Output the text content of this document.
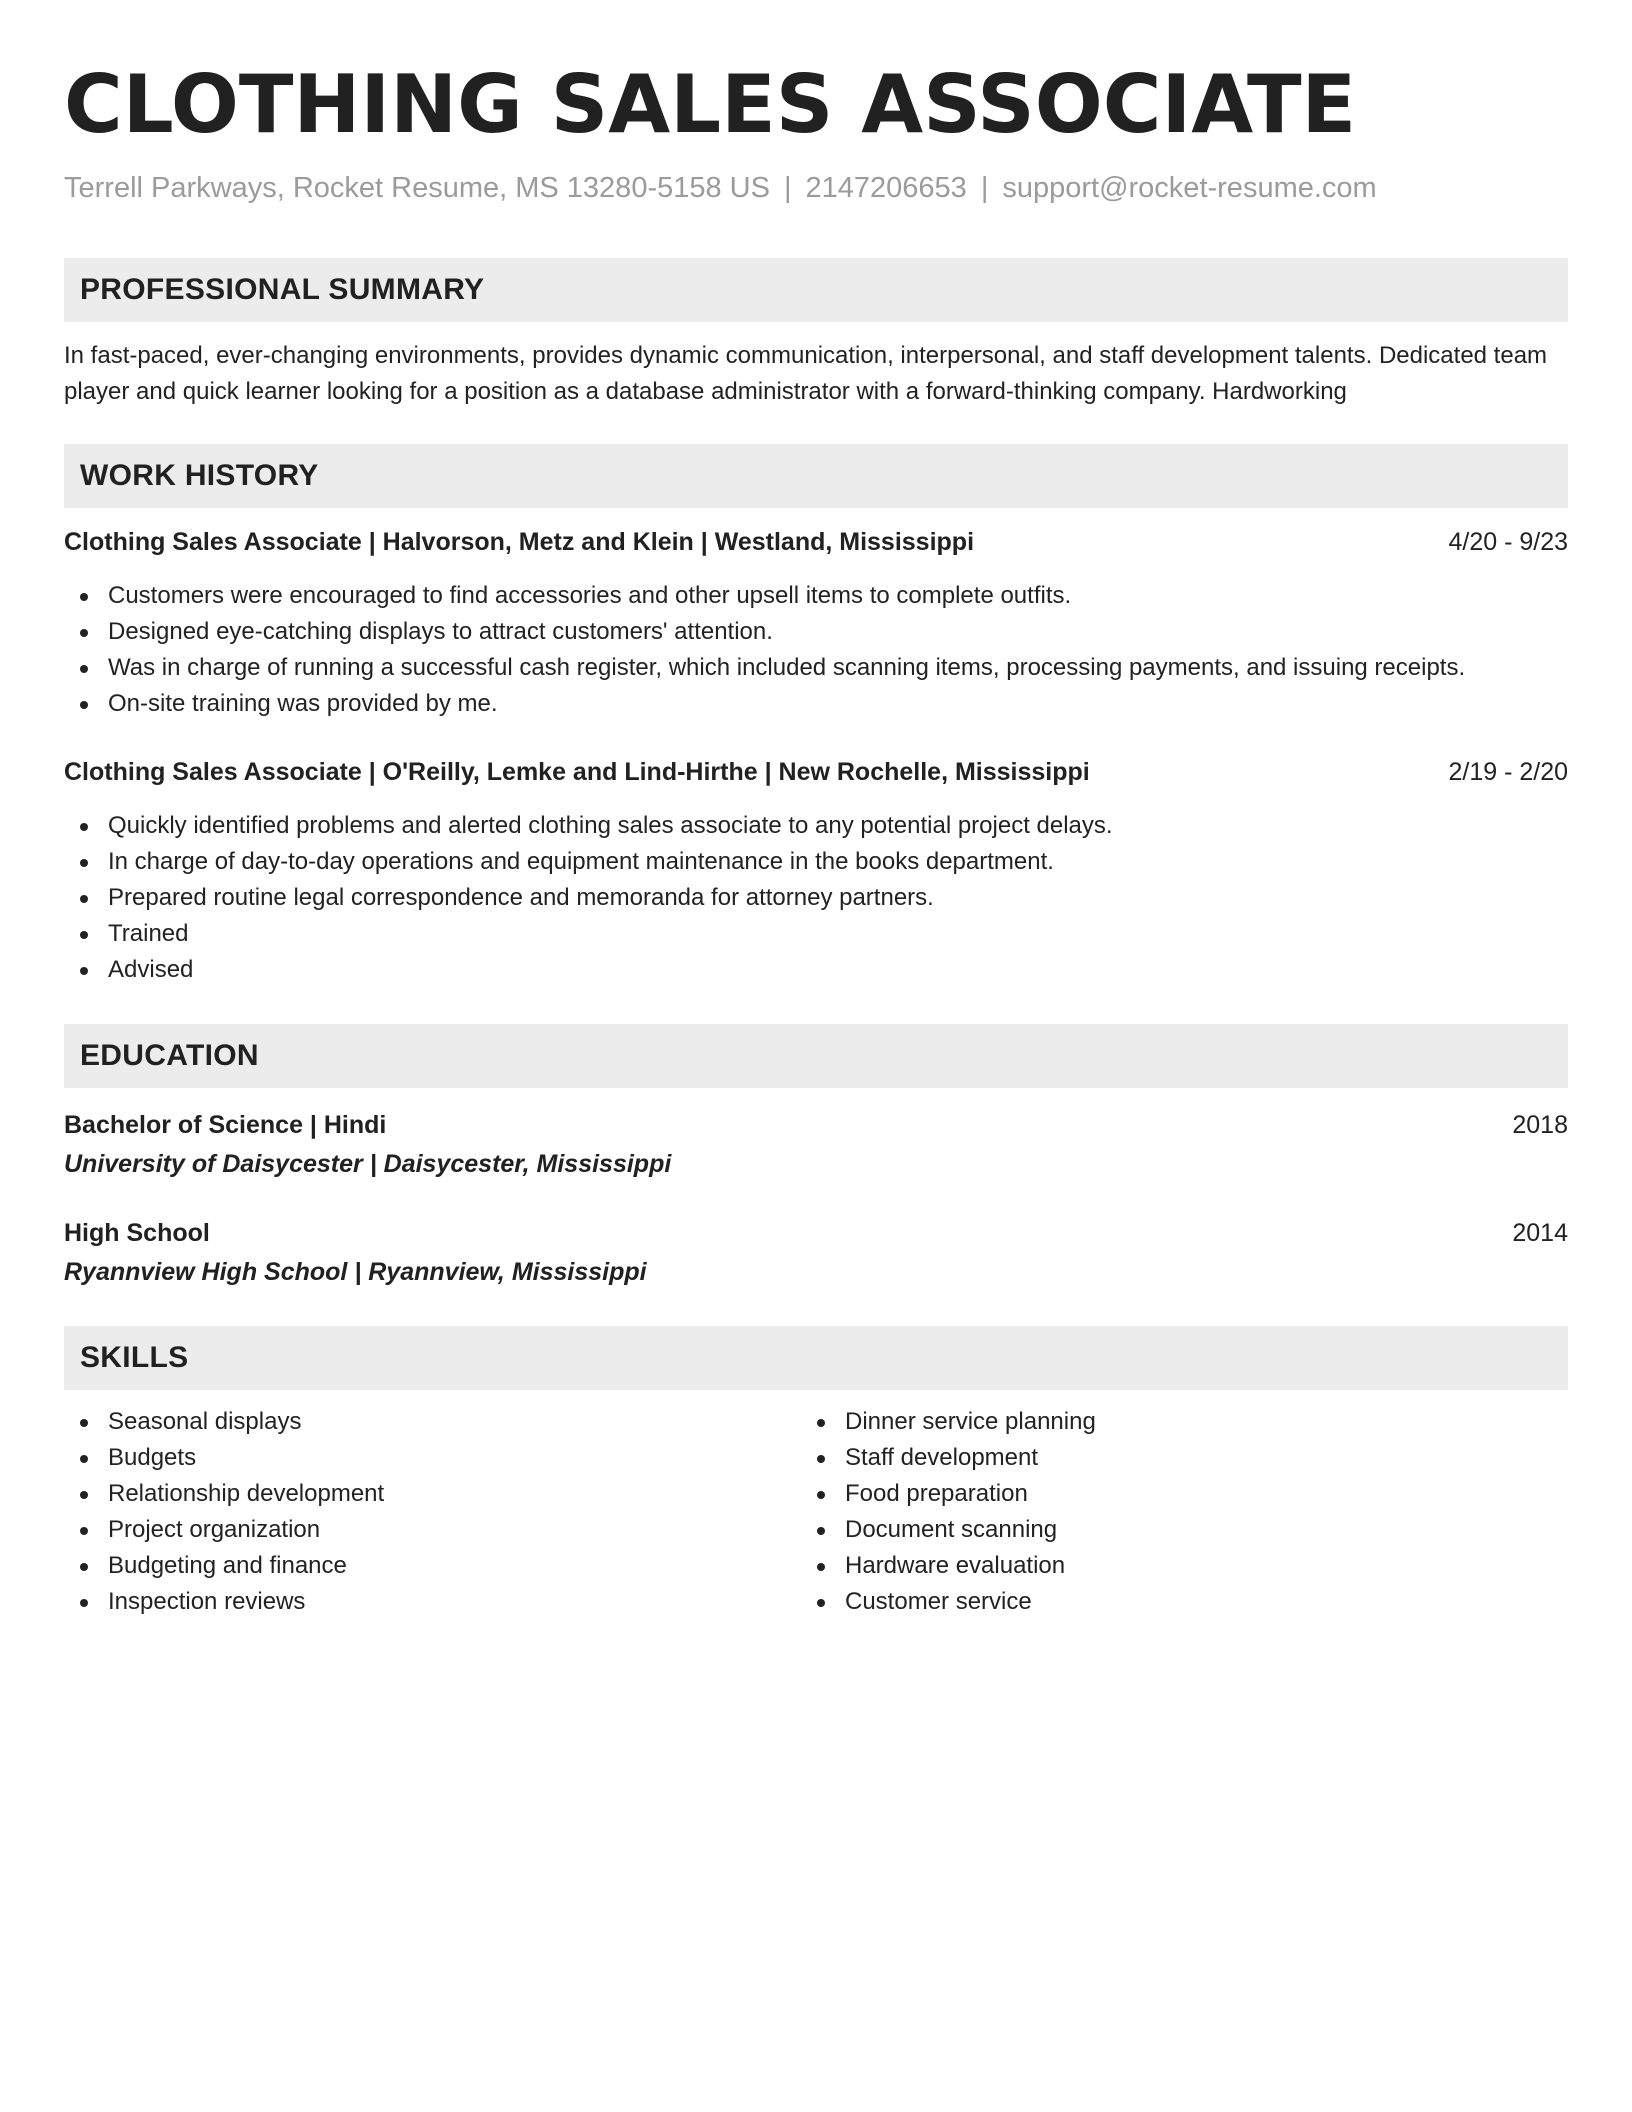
CLOTHING SALES ASSOCIATE
Terrell Parkways, Rocket Resume, MS 13280-5158 US | 2147206653 | support@rocket-resume.com
PROFESSIONAL SUMMARY

In fast-paced, ever-changing environments, provides dynamic communication, interpersonal, and staff development talents. Dedicated team player and quick learner looking for a position as a database administrator with a forward-thinking company. Hardworking

WORK HISTORY
Clothing Sales Associate | Halvorson, Metz and Klein | Westland, Mississippi	4/20 - 9/23
Customers were encouraged to find accessories and other upsell items to complete outfits.
Designed eye-catching displays to attract customers' attention.
Was in charge of running a successful cash register, which included scanning items, processing payments, and issuing receipts.
On-site training was provided by me.
Clothing Sales Associate | O'Reilly, Lemke and Lind-Hirthe | New Rochelle, Mississippi	2/19 - 2/20
Quickly identified problems and alerted clothing sales associate to any potential project delays.
In charge of day-to-day operations and equipment maintenance in the books department.
Prepared routine legal correspondence and memoranda for attorney partners.
Trained
Advised
EDUCATION
Bachelor of Science | Hindi	2018
University of Daisycester | Daisycester, Mississippi
High School	2014
Ryannview High School | Ryannview, Mississippi
SKILLS
Seasonal displays
Budgets
Relationship development
Project organization
Budgeting and finance
Inspection reviews
Dinner service planning
Staff development
Food preparation
Document scanning
Hardware evaluation
Customer service
